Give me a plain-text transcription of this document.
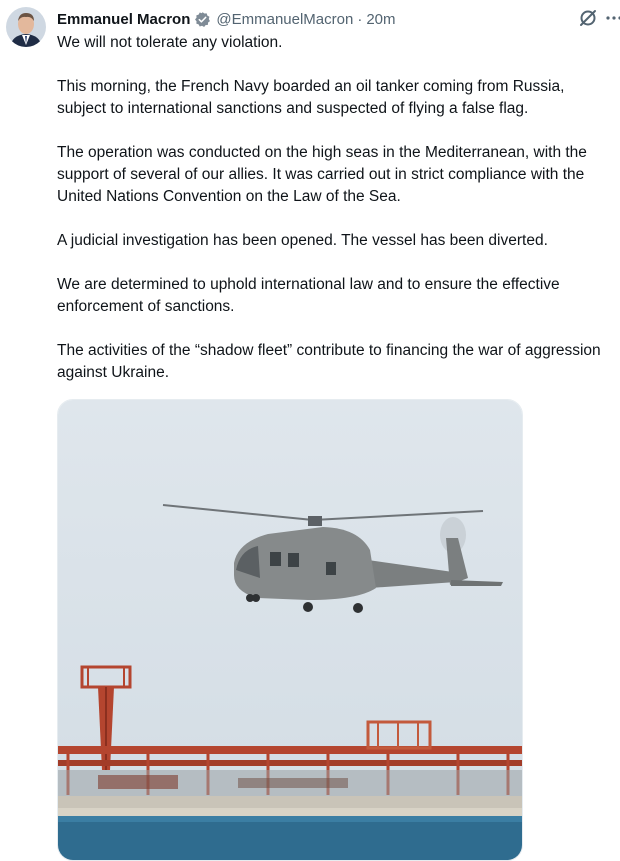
Emmanuel Macron @EmmanuelMacron · 20m

We will not tolerate any violation.

This morning, the French Navy boarded an oil tanker coming from Russia, subject to international sanctions and suspected of flying a false flag.

The operation was conducted on the high seas in the Mediterranean, with the support of several of our allies. It was carried out in strict compliance with the United Nations Convention on the Law of the Sea.

A judicial investigation has been opened. The vessel has been diverted.

We are determined to uphold international law and to ensure the effective enforcement of sanctions.

The activities of the “shadow fleet” contribute to financing the war of aggression against Ukraine.
